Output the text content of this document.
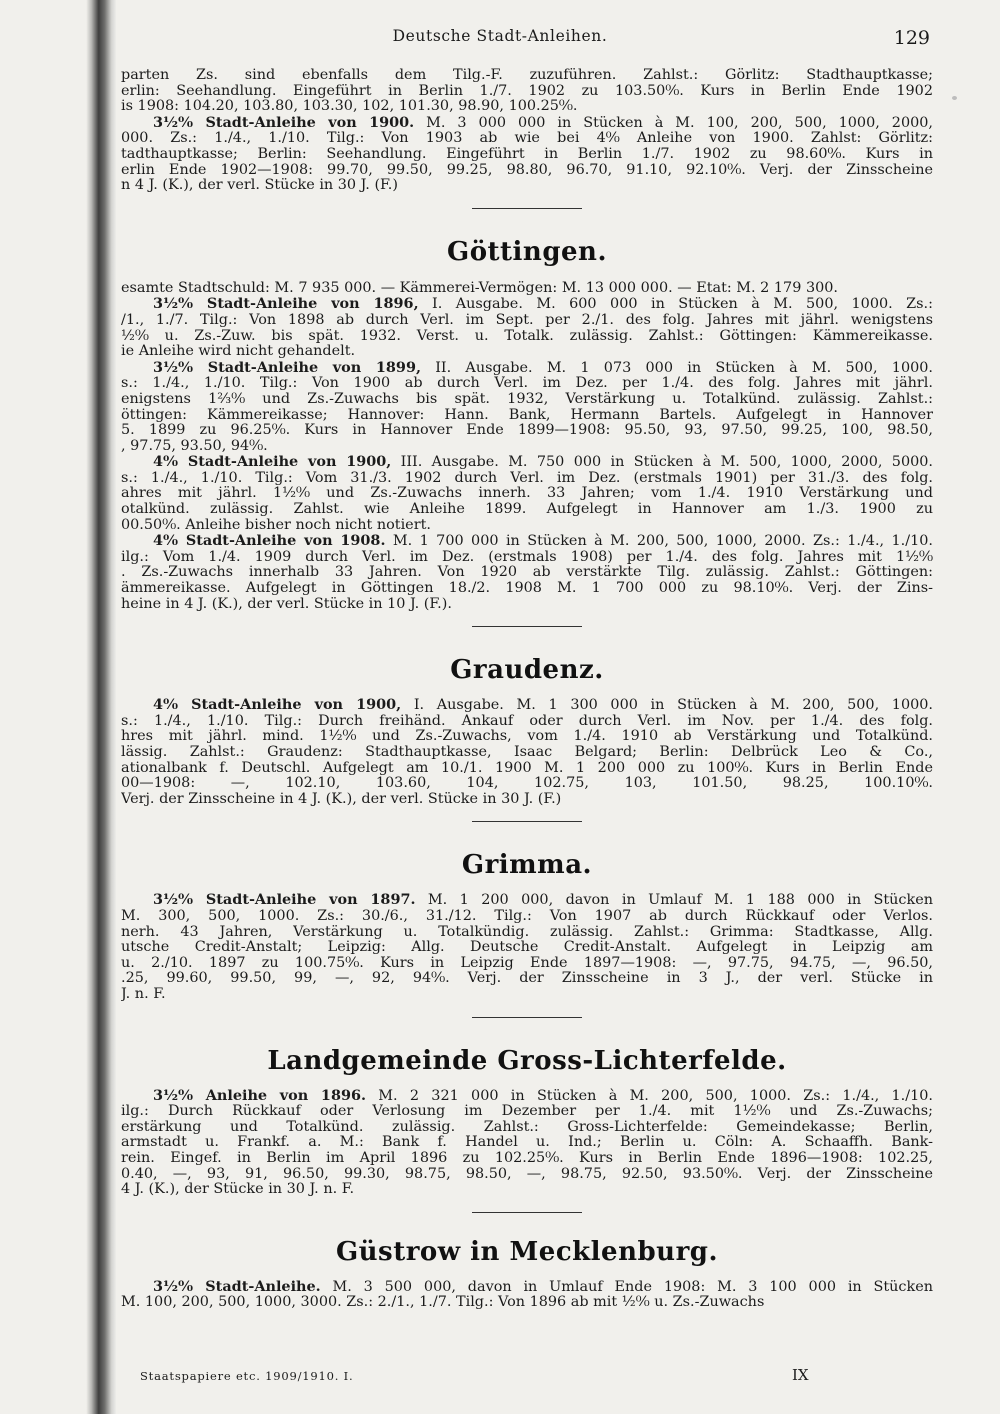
Deutsche Stadt-Anleihen.	129

parten Zs. sind ebenfalls dem Tilg.-F. zuzuführen. Zahlst.: Görlitz: Stadthauptkasse;
erlin: Seehandlung. Eingeführt in Berlin 1./7. 1902 zu 103.50⁰⁄₀. Kurs in Berlin Ende 1902
is 1908: 104.20, 103.80, 103.30, 102, 101.30, 98.90, 100.25⁰⁄₀.

3¹⁄₂⁰⁄₀ Stadt-Anleihe von 1900. M. 3 000 000 in Stücken à M. 100, 200, 500, 1000, 2000,
000. Zs.: 1./4., 1./10. Tilg.: Von 1903 ab wie bei 4⁰⁄₀ Anleihe von 1900. Zahlst: Görlitz:
tadthauptkasse; Berlin: Seehandlung. Eingeführt in Berlin 1./7. 1902 zu 98.60⁰⁄₀. Kurs in
erlin Ende 1902—1908: 99.70, 99.50, 99.25, 98.80, 96.70, 91.10, 92.10⁰⁄₀. Verj. der Zinsscheine
n 4 J. (K.), der verl. Stücke in 30 J. (F.)

Göttingen.

esamte Stadtschuld: M. 7 935 000. — Kämmerei-Vermögen: M. 13 000 000. — Etat: M. 2 179 300.

3¹⁄₂⁰⁄₀ Stadt-Anleihe von 1896, I. Ausgabe. M. 600 000 in Stücken à M. 500, 1000. Zs.:
/1., 1./7. Tilg.: Von 1898 ab durch Verl. im Sept. per 2./1. des folg. Jahres mit jährl. wenigstens
¹⁄₂⁰⁄₀ u. Zs.-Zuw. bis spät. 1932. Verst. u. Totalk. zulässig. Zahlst.: Göttingen: Kämmereikasse.
ie Anleihe wird nicht gehandelt.

3¹⁄₂⁰⁄₀ Stadt-Anleihe von 1899, II. Ausgabe. M. 1 073 000 in Stücken à M. 500, 1000.
s.: 1./4., 1./10. Tilg.: Von 1900 ab durch Verl. im Dez. per 1./4. des folg. Jahres mit jährl.
enigstens 1²⁄₃⁰⁄₀ und Zs.-Zuwachs bis spät. 1932, Verstärkung u. Totalkünd. zulässig. Zahlst.:
öttingen: Kämmereikasse; Hannover: Hann. Bank, Hermann Bartels. Aufgelegt in Hannover
5. 1899 zu 96.25⁰⁄₀. Kurs in Hannover Ende 1899—1908: 95.50, 93, 97.50, 99.25, 100, 98.50,
, 97.75, 93.50, 94⁰⁄₀.

4⁰⁄₀ Stadt-Anleihe von 1900, III. Ausgabe. M. 750 000 in Stücken à M. 500, 1000, 2000, 5000.
s.: 1./4., 1./10. Tilg.: Vom 31./3. 1902 durch Verl. im Dez. (erstmals 1901) per 31./3. des folg.
ahres mit jährl. 1¹⁄₂⁰⁄₀ und Zs.-Zuwachs innerh. 33 Jahren; vom 1./4. 1910 Verstärkung und
otalkünd. zulässig. Zahlst. wie Anleihe 1899. Aufgelegt in Hannover am 1./3. 1900 zu
00.50⁰⁄₀. Anleihe bisher noch nicht notiert.

4⁰⁄₀ Stadt-Anleihe von 1908. M. 1 700 000 in Stücken à M. 200, 500, 1000, 2000. Zs.: 1./4., 1./10.
ilg.: Vom 1./4. 1909 durch Verl. im Dez. (erstmals 1908) per 1./4. des folg. Jahres mit 1¹⁄₂⁰⁄₀
. Zs.-Zuwachs innerhalb 33 Jahren. Von 1920 ab verstärkte Tilg. zulässig. Zahlst.: Göttingen:
ämmereikasse. Aufgelegt in Göttingen 18./2. 1908 M. 1 700 000 zu 98.10⁰⁄₀. Verj. der Zins-
heine in 4 J. (K.), der verl. Stücke in 10 J. (F.).

Graudenz.

4⁰⁄₀ Stadt-Anleihe von 1900, I. Ausgabe. M. 1 300 000 in Stücken à M. 200, 500, 1000.
s.: 1./4., 1./10. Tilg.: Durch freihänd. Ankauf oder durch Verl. im Nov. per 1./4. des folg.
hres mit jährl. mind. 1¹⁄₂⁰⁄₀ und Zs.-Zuwachs, vom 1./4. 1910 ab Verstärkung und Totalkünd.
lässig. Zahlst.: Graudenz: Stadthauptkasse, Isaac Belgard; Berlin: Delbrück Leo & Co.,
ationalbank f. Deutschl. Aufgelegt am 10./1. 1900 M. 1 200 000 zu 100⁰⁄₀. Kurs in Berlin Ende
00—1908: —, 102.10, 103.60, 104, 102.75, 103, 101.50, 98.25, 100.10⁰⁄₀.
Verj. der Zinsscheine in 4 J. (K.), der verl. Stücke in 30 J. (F.)

Grimma.

3¹⁄₂⁰⁄₀ Stadt-Anleihe von 1897. M. 1 200 000, davon in Umlauf M. 1 188 000 in Stücken
M. 300, 500, 1000. Zs.: 30./6., 31./12. Tilg.: Von 1907 ab durch Rückkauf oder Verlos.
nerh. 43 Jahren, Verstärkung u. Totalkündig. zulässig. Zahlst.: Grimma: Stadtkasse, Allg.
utsche Credit-Anstalt; Leipzig: Allg. Deutsche Credit-Anstalt. Aufgelegt in Leipzig am
u. 2./10. 1897 zu 100.75⁰⁄₀. Kurs in Leipzig Ende 1897—1908: —, 97.75, 94.75, —, 96.50,
.25, 99.60, 99.50, 99, —, 92, 94⁰⁄₀. Verj. der Zinsscheine in 3 J., der verl. Stücke in
J. n. F.

Landgemeinde Gross-Lichterfelde.

3¹⁄₂⁰⁄₀ Anleihe von 1896. M. 2 321 000 in Stücken à M. 200, 500, 1000. Zs.: 1./4., 1./10.
ilg.: Durch Rückkauf oder Verlosung im Dezember per 1./4. mit 1¹⁄₂⁰⁄₀ und Zs.-Zuwachs;
erstärkung und Totalkünd. zulässig. Zahlst.: Gross-Lichterfelde: Gemeindekasse; Berlin,
armstadt u. Frankf. a. M.: Bank f. Handel u. Ind.; Berlin u. Cöln: A. Schaaffh. Bank-
rein. Eingef. in Berlin im April 1896 zu 102.25⁰⁄₀. Kurs in Berlin Ende 1896—1908: 102.25,
0.40, —, 93, 91, 96.50, 99.30, 98.75, 98.50, —, 98.75, 92.50, 93.50⁰⁄₀. Verj. der Zinsscheine
4 J. (K.), der Stücke in 30 J. n. F.

Güstrow in Mecklenburg.

3¹⁄₂⁰⁄₀ Stadt-Anleihe. M. 3 500 000, davon in Umlauf Ende 1908: M. 3 100 000 in Stücken
M. 100, 200, 500, 1000, 3000. Zs.: 2./1., 1./7. Tilg.: Von 1896 ab mit ¹⁄₂⁰⁄₀ u. Zs.-Zuwachs

Staatspapiere etc. 1909/1910. I.	IX
